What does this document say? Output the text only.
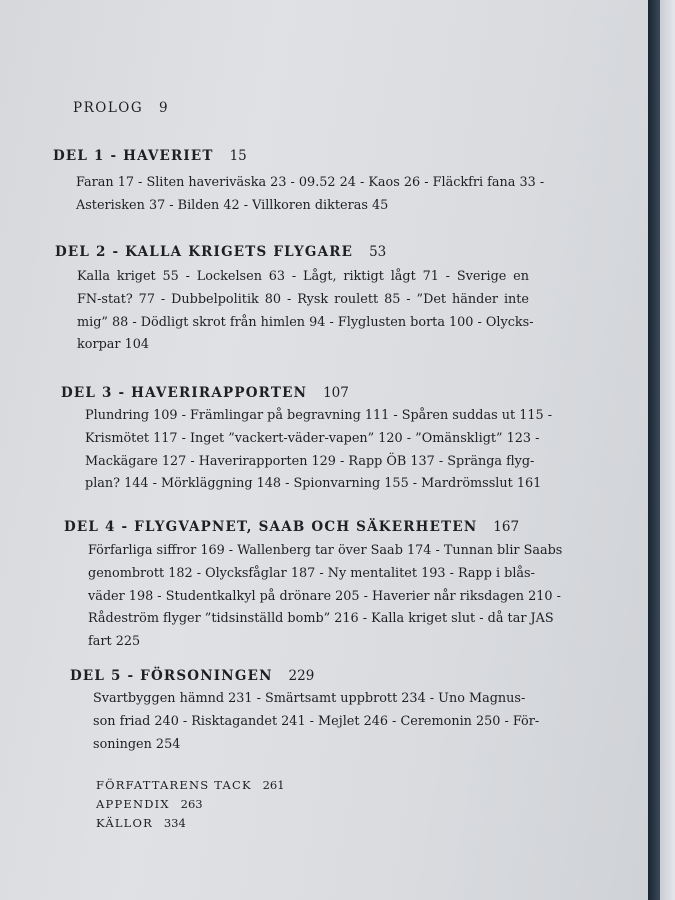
PROLOG 9
DEL 1 - HAVERIET 15
Faran 17 - Sliten haveriväska 23 - 09.52 24 - Kaos 26 - Fläckfri fana 33 -
Asterisken 37 - Bilden 42 - Villkoren dikteras 45
DEL 2 - KALLA KRIGETS FLYGARE 53
Kalla kriget 55 - Lockelsen 63 - Lågt, riktigt lågt 71 - Sverige en
FN-stat? 77 - Dubbelpolitik 80 - Rysk roulett 85 - ”Det händer inte
mig” 88 - Dödligt skrot från himlen 94 - Flyglusten borta 100 - Olycks-
korpar 104
DEL 3 - HAVERIRAPPORTEN 107
Plundring 109 - Främlingar på begravning 111 - Spåren suddas ut 115 -
Krismötet 117 - Inget ”vackert-väder-vapen” 120 - ”Omänskligt” 123 -
Mackägare 127 - Haverirapporten 129 - Rapp ÖB 137 - Spränga flyg-
plan? 144 - Mörkläggning 148 - Spionvarning 155 - Mardrömsslut 161
DEL 4 - FLYGVAPNET, SAAB OCH SÄKERHETEN 167
Förfarliga siffror 169 - Wallenberg tar över Saab 174 - Tunnan blir Saabs
genombrott 182 - Olycksfåglar 187 - Ny mentalitet 193 - Rapp i blås-
väder 198 - Studentkalkyl på drönare 205 - Haverier når riksdagen 210 -
Rådeström flyger ”tidsinställd bomb” 216 - Kalla kriget slut - då tar JAS
fart 225
DEL 5 - FÖRSONINGEN 229
Svartbyggen hämnd 231 - Smärtsamt uppbrott 234 - Uno Magnus-
son friad 240 - Risktagandet 241 - Mejlet 246 - Ceremonin 250 - För-
soningen 254
FÖRFATTARENS TACK 261
APPENDIX 263
KÄLLOR 334
